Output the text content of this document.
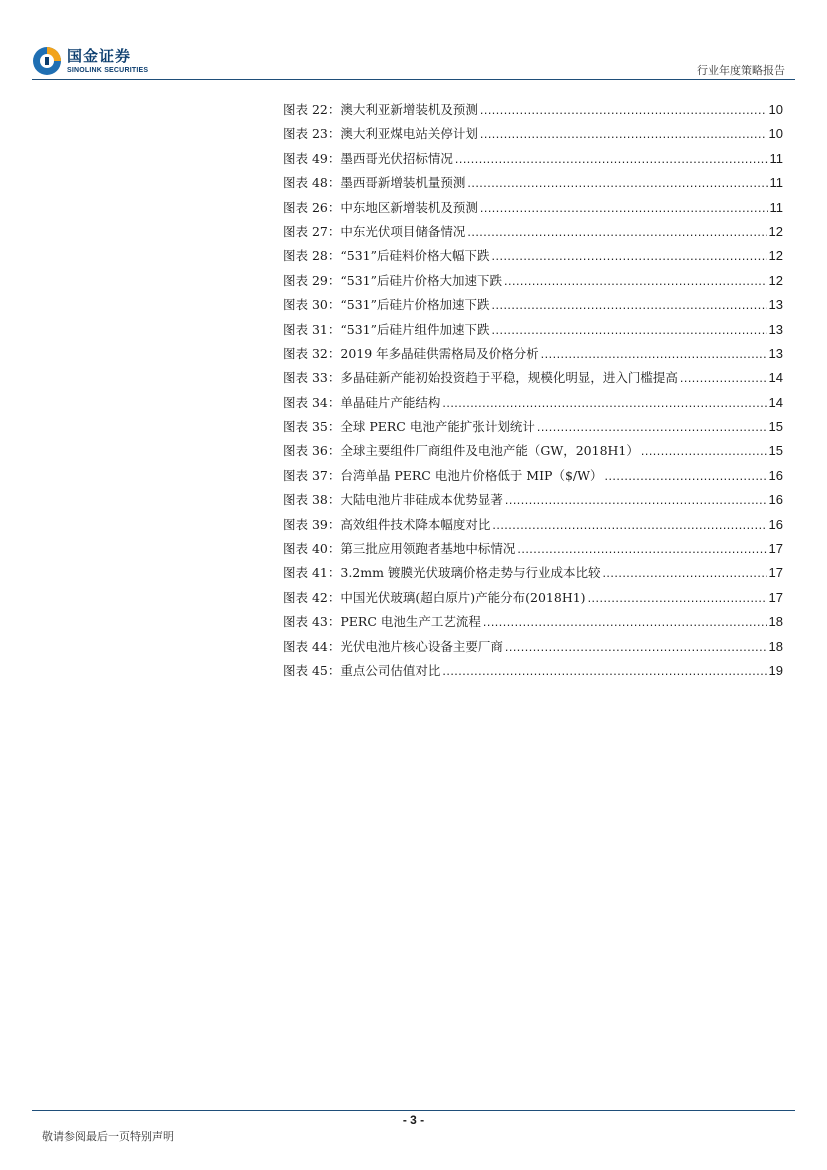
国金证券
SINOLINK SECURITIES	行业年度策略报告
图表 22：澳大利亚新增装机及预测 .....	10
图表 23：澳大利亚煤电站关停计划 .....	10
图表 49：墨西哥光伏招标情况 .....	11
图表 48：墨西哥新增装机量预测 .....	11
图表 26：中东地区新增装机及预测 .....	11
图表 27：中东光伏项目储备情况 .....	12
图表 28：“531”后硅料价格大幅下跌 .....	12
图表 29：“531”后硅片价格大加速下跌 .....	12
图表 30：“531”后硅片价格加速下跌 .....	13
图表 31：“531”后硅片组件加速下跌 .....	13
图表 32：2019 年多晶硅供需格局及价格分析 .....	13
图表 33：多晶硅新产能初始投资趋于平稳，规模化明显，进入门槛提高 .....	14
图表 34：单晶硅片产能结构 .....	14
图表 35：全球 PERC 电池产能扩张计划统计 .....	15
图表 36：全球主要组件厂商组件及电池产能（GW，2018H1） .....	15
图表 37：台湾单晶 PERC 电池片价格低于 MIP（$/W） .....	16
图表 38：大陆电池片非硅成本优势显著 .....	16
图表 39：高效组件技术降本幅度对比 .....	16
图表 40：第三批应用领跑者基地中标情况 .....	17
图表 41：3.2mm 镀膜光伏玻璃价格走势与行业成本比较 .....	17
图表 42：中国光伏玻璃(超白原片)产能分布(2018H1) .....	17
图表 43：PERC 电池生产工艺流程 .....	18
图表 44：光伏电池片核心设备主要厂商 .....	18
图表 45：重点公司估值对比 .....	19
- 3 -
敬请参阅最后一页特别声明
